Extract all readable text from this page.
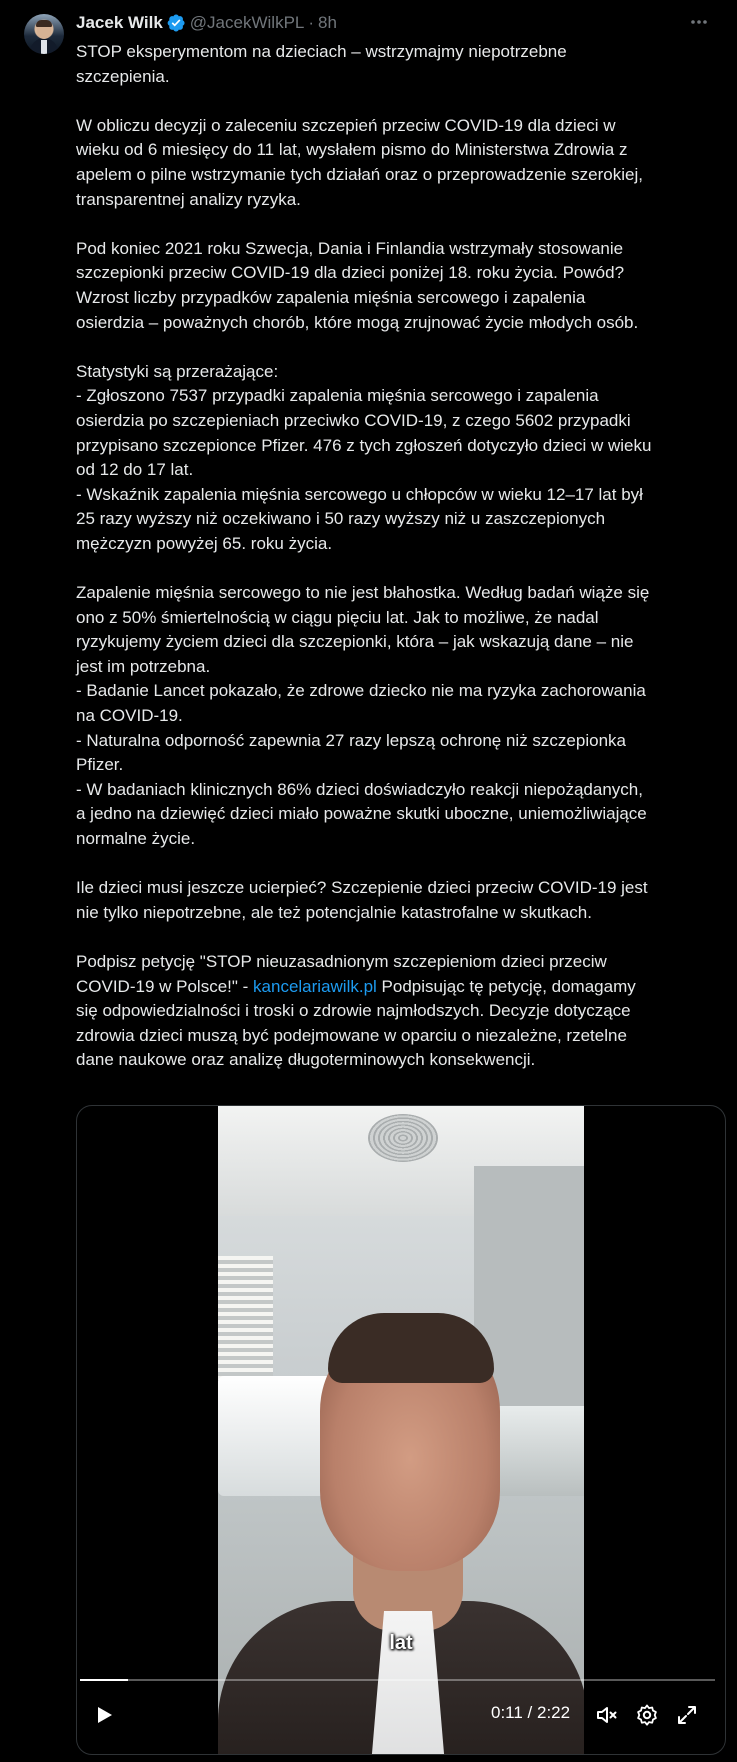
Jacek Wilk @JacekWilkPL · 8h

STOP eksperymentom na dzieciach – wstrzymajmy niepotrzebne

szczepienia.

W obliczu decyzji o zaleceniu szczepień przeciw COVID-19 dla dzieci w

wieku od 6 miesięcy do 11 lat, wysłałem pismo do Ministerstwa Zdrowia z

apelem o pilne wstrzymanie tych działań oraz o przeprowadzenie szerokiej,

transparentnej analizy ryzyka.

Pod koniec 2021 roku Szwecja, Dania i Finlandia wstrzymały stosowanie

szczepionki przeciw COVID-19 dla dzieci poniżej 18. roku życia. Powód?

Wzrost liczby przypadków zapalenia mięśnia sercowego i zapalenia

osierdzia – poważnych chorób, które mogą zrujnować życie młodych osób.

Statystyki są przerażające:

- Zgłoszono 7537 przypadki zapalenia mięśnia sercowego i zapalenia

osierdzia po szczepieniach przeciwko COVID-19, z czego 5602 przypadki

przypisano szczepionce Pfizer. 476 z tych zgłoszeń dotyczyło dzieci w wieku

od 12 do 17 lat.

- Wskaźnik zapalenia mięśnia sercowego u chłopców w wieku 12–17 lat był

25 razy wyższy niż oczekiwano i 50 razy wyższy niż u zaszczepionych

mężczyzn powyżej 65. roku życia.

Zapalenie mięśnia sercowego to nie jest błahostka. Według badań wiąże się

ono z 50% śmiertelnością w ciągu pięciu lat. Jak to możliwe, że nadal

ryzykujemy życiem dzieci dla szczepionki, która – jak wskazują dane – nie

jest im potrzebna.

- Badanie Lancet pokazało, że zdrowe dziecko nie ma ryzyka zachorowania

na COVID-19.

- Naturalna odporność zapewnia 27 razy lepszą ochronę niż szczepionka

Pfizer.

- W badaniach klinicznych 86% dzieci doświadczyło reakcji niepożądanych,

a jedno na dziewięć dzieci miało poważne skutki uboczne, uniemożliwiające

normalne życie.

Ile dzieci musi jeszcze ucierpieć? Szczepienie dzieci przeciw COVID-19 jest

nie tylko niepotrzebne, ale też potencjalnie katastrofalne w skutkach.

Podpisz petycję "STOP nieuzasadnionym szczepieniom dzieci przeciw

COVID-19 w Polsce!" - kancelariawilk.pl Podpisując tę petycję, domagamy

się odpowiedzialności i troski o zdrowie najmłodszych. Decyzje dotyczące

zdrowia dzieci muszą być podejmowane w oparciu o niezależne, rzetelne

dane naukowe oraz analizę długoterminowych konsekwencji.

lat
0:11 / 2:22
